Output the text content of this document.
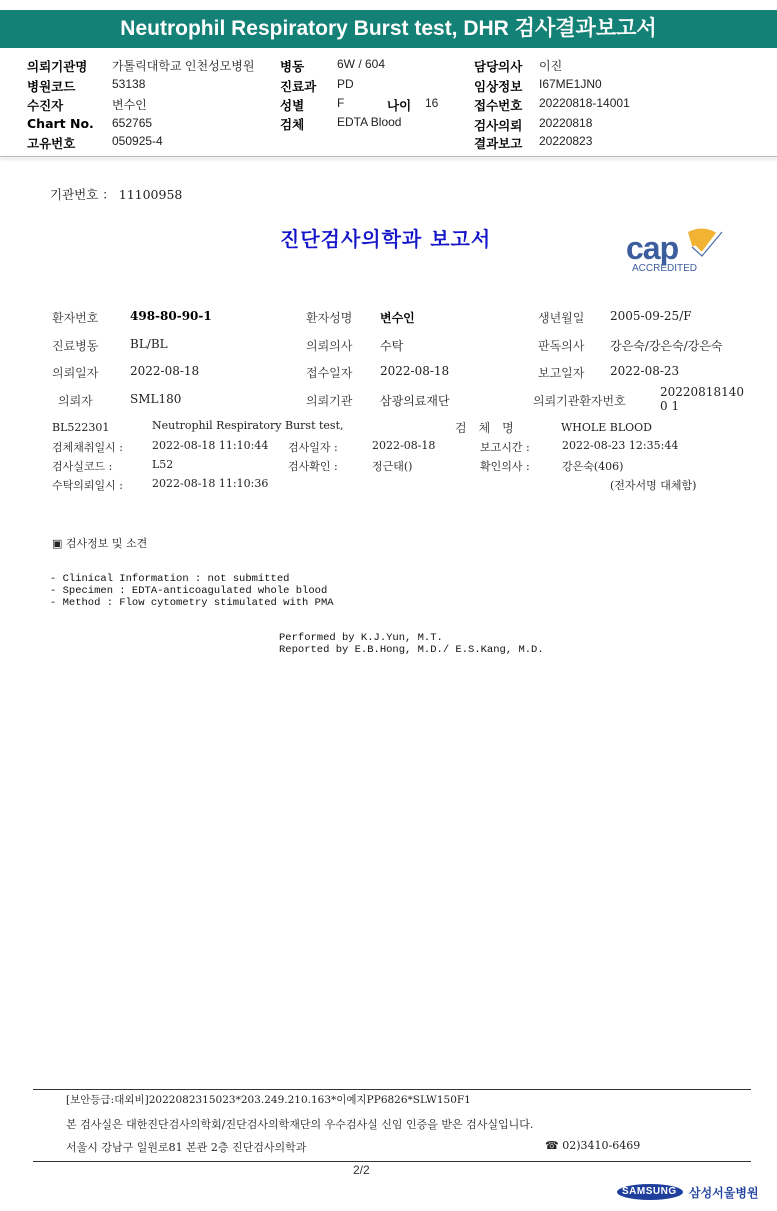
Neutrophil Respiratory Burst test, DHR 검사결과보고서
의뢰기관명 가톨릭대학교 인천성모병원
병원코드	53138
수진자	변수인
Chart No. 652765
고유번호	050925-4
병동	6W / 604
진료과 PD
성별	F	나이 16
검체	EDTA Blood
담당의사 이진
임상정보 I67ME1JN0
접수번호 20220818-14001
검사의뢰 20220818
결과보고 20220823
기관번호 ： 11100958
진단검사의학과 보고서	cap
ACCREDITED
환자번호	498-80-90-1	환자성명 변수인	생년월일 2005-09-25/F
진료병동	BL/BL	의뢰의사 수탁	판독의사 강은숙/강은숙/강은숙
의뢰일자	2022-08-18	접수일자 2022-08-18	보고일자 2022-08-23
의뢰자	SML180	의뢰기관 삼광의료재단	의뢰기관환자번호
202208181400 1
BL522301	Neutrophil Respiratory Burst test,	검　체　명	WHOLE BLOOD
검체채취일시 :	2022-08-18 11:10:44 검사일자 :	2022-08-18	보고시간 :	2022-08-23 12:35:44
검사실코드 :	L52	검사확인 :	정근태()	확인의사 :	강은숙(406)
수탁의뢰일시 :	2022-08-18 11:10:36	(전자서명 대체함)
▣ 검사정보 및 소견
- Clinical Information : not submitted
- Specimen : EDTA-anticoagulated whole blood
- Method : Flow cytometry stimulated with PMA
Performed by K.J.Yun, M.T.
Reported by E.B.Hong, M.D./ E.S.Kang, M.D.
[보안등급:대외비]2022082315023*203.249.210.163*이예지PP6826*SLW150F1
본 검사실은 대한진단검사의학회/진단검사의학재단의 우수검사실 신임 인증을 받은 검사실입니다.
서울시 강남구 일원로81 본관 2층 진단검사의학과	☎ 02)3410-6469
2/2
SAMSUNG 삼성서울병원
